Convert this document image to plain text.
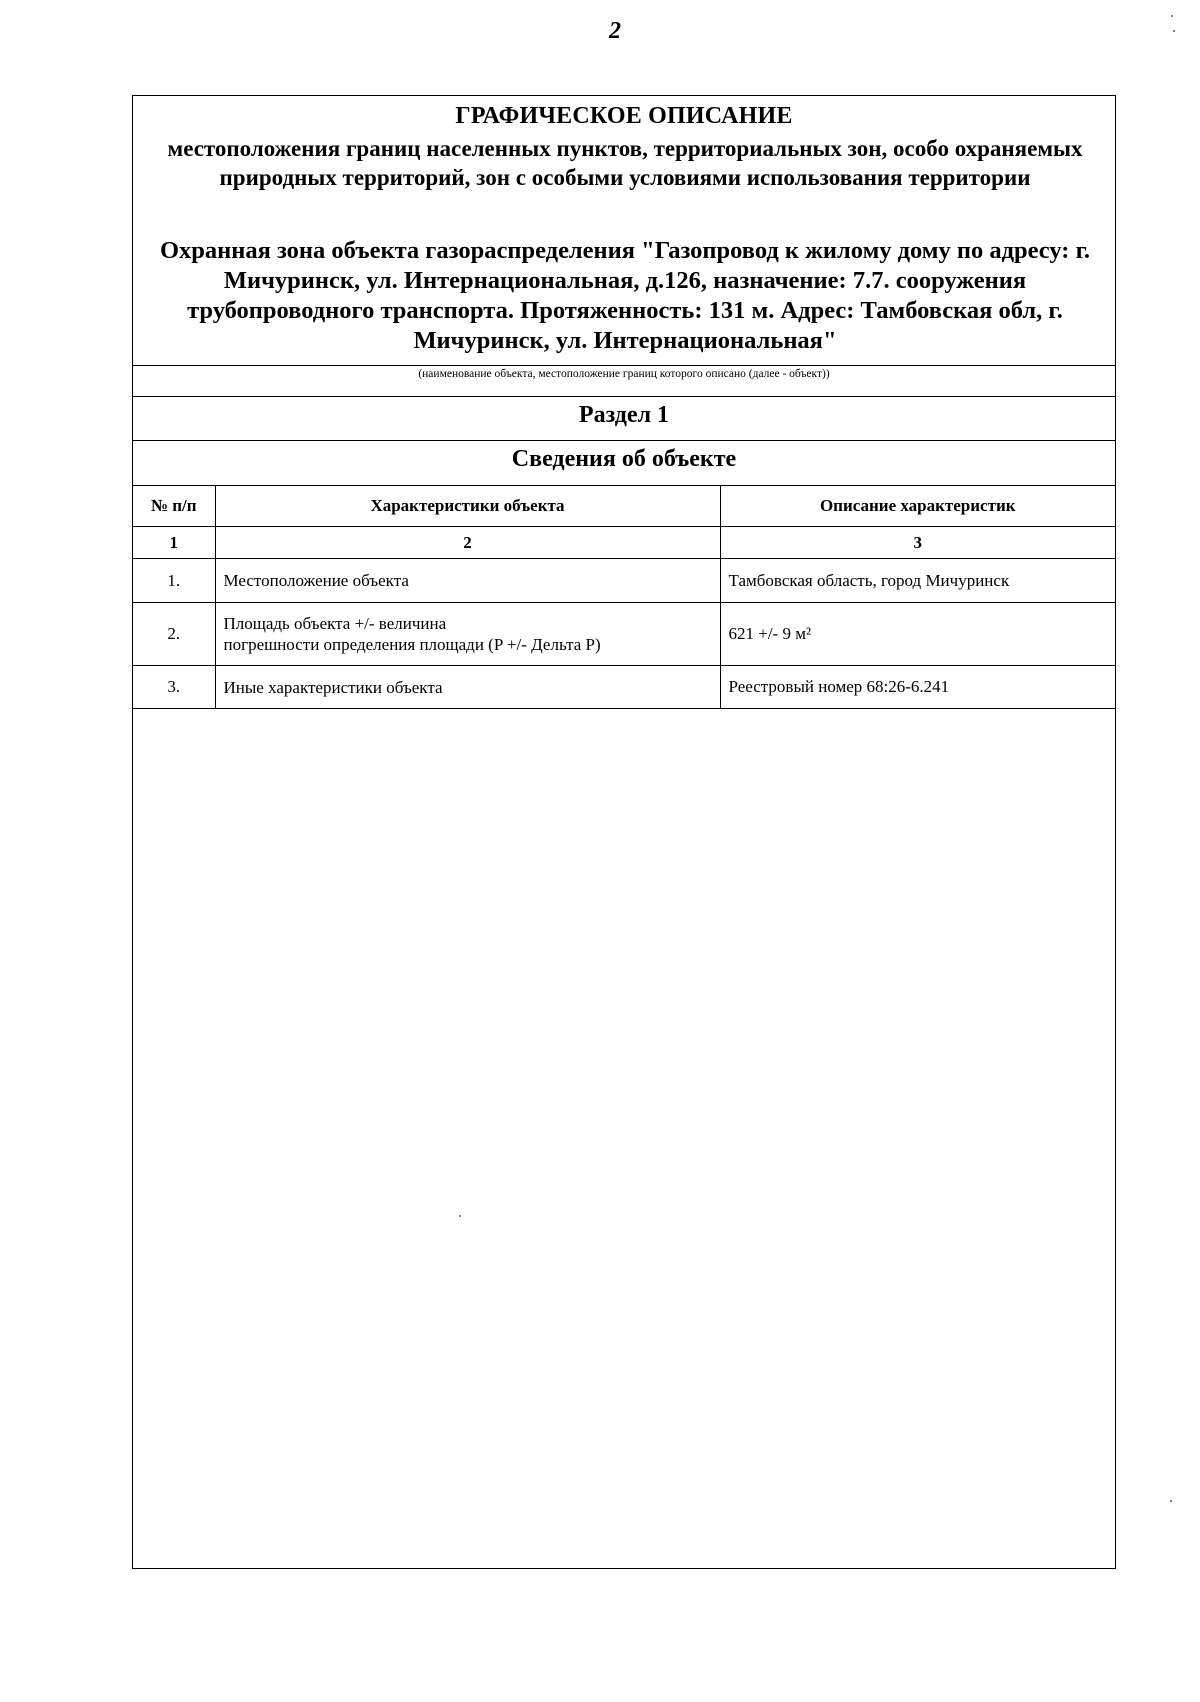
2
ГРАФИЧЕСКОЕ ОПИСАНИЕ
местоположения границ населенных пунктов, территориальных зон, особо охраняемых природных территорий, зон с особыми условиями использования территории
Охранная зона объекта газораспределения "Газопровод к жилому дому по адресу: г. Мичуринск, ул. Интернациональная, д.126, назначение: 7.7. сооружения трубопроводного транспорта. Протяженность: 131 м. Адрес: Тамбовская обл, г. Мичуринск, ул. Интернациональная"
(наименование объекта, местоположение границ которого описано (далее - объект))
Раздел 1
Сведения об объекте
№ п/п	Характеристики объекта	Описание характеристик
1	2	3
1.	Местоположение объекта	Тамбовская область, город Мичуринск
2.	Площадь объекта +/- величина
погрешности определения площади (P +/- Дельта P)	621 +/- 9 м²
3.	Иные характеристики объекта	Реестровый номер 68:26-6.241
